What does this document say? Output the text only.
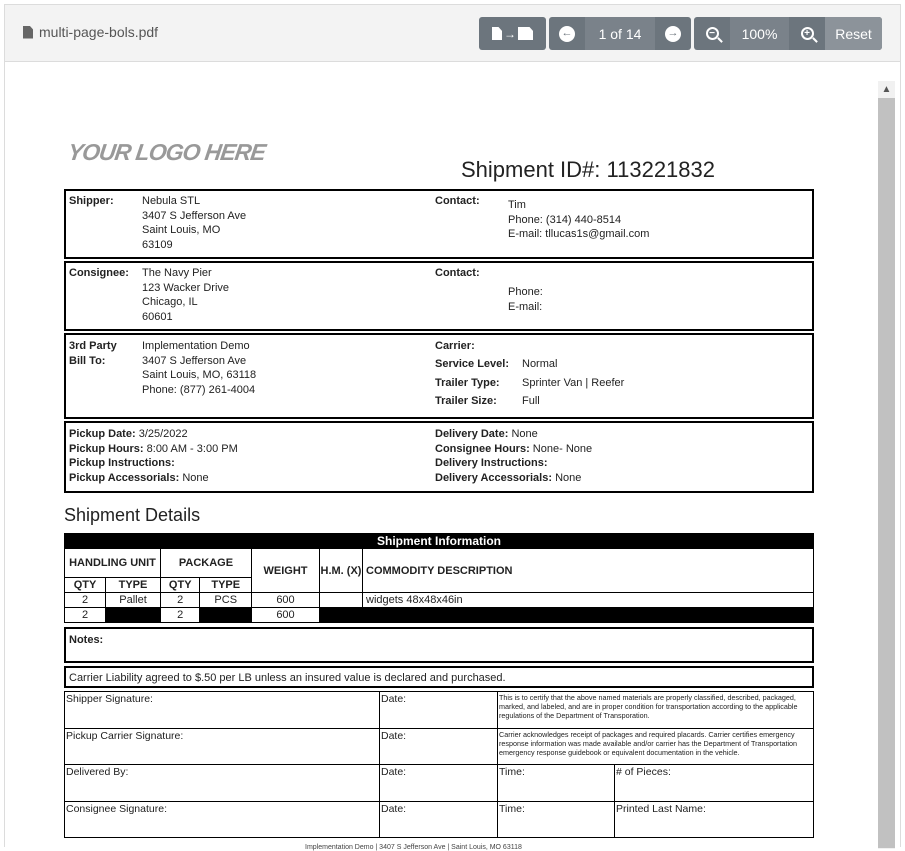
multi-page-bols.pdf	→	←	1 of 14	→	−	100%	+	Reset
YOUR LOGO HERE
Shipment ID#: 113221832
Shipper:	Nebula STL
3407 S Jefferson Ave
Saint Louis, MO
63109
Contact:	Tim
Phone: (314) 440-8514
E-mail: tllucas1s@gmail.com
Consignee: The Navy Pier
123 Wacker Drive
Chicago, IL
60601
Contact:
Phone:
E-mail:
3rd Party
Bill To:
Implementation Demo
3407 S Jefferson Ave
Saint Louis, MO, 63118
Phone: (877) 261-4004
Carrier:
Service Level: Normal
Trailer Type: Sprinter Van | Reefer
Trailer Size: Full
Pickup Date: 3/25/2022
Pickup Hours: 8:00 AM - 3:00 PM
Pickup Instructions:
Pickup Accessorials: None
Delivery Date: None
Consignee Hours: None- None
Delivery Instructions:
Delivery Accessorials: None
Shipment Details
Shipment Information						
HANDLING UNIT		PACKAGE		WEIGHT	H.M. (X)	COMMODITY DESCRIPTION
QTY	TYPE	QTY	TYPE			
2	Pallet	2	PCS	600		widgets 48x48x46in
2		2		600		
Notes:
Carrier Liability agreed to $.50 per LB unless an insured value is declared and purchased.
Shipper Signature:	Date:	This is to certify that the above named materials are properly classified, described, packaged, marked, and labeled, and are in proper condition for transportation according to the applicable regulations of the Department of Transporation.	
Pickup Carrier Signature:	Date:	Carrier acknowledges receipt of packages and required placards. Carrier certifies emergency response information was made available and/or carrier has the Department of Transportation emergency response guidebook or equivalent documentation in the vehicle.	
Delivered By:	Date:	Time:	# of Pieces:
Consignee Signature:	Date:	Time:	Printed Last Name:
Implementation Demo | 3407 S Jefferson Ave | Saint Louis, MO 63118
▲
